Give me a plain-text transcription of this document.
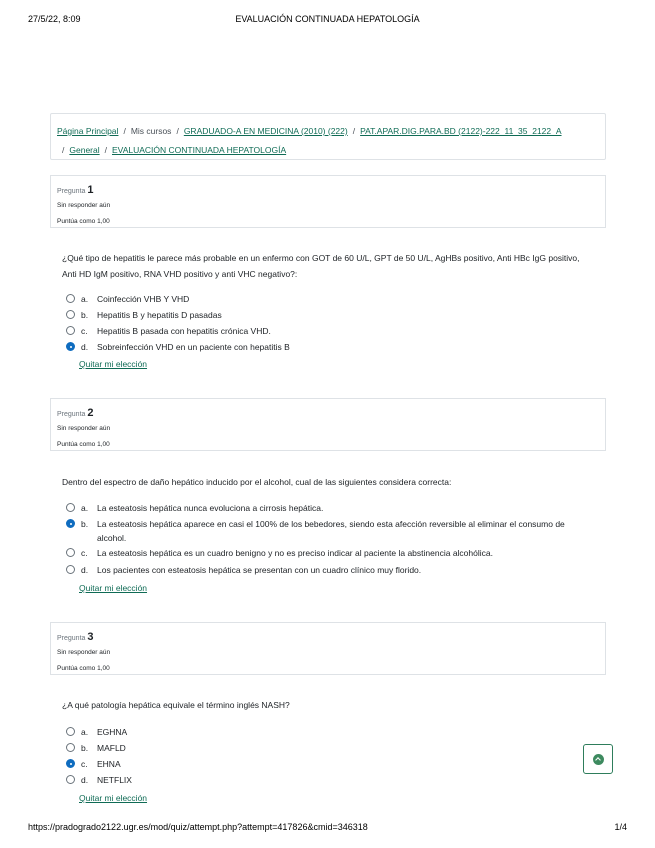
27/5/22, 8:09	EVALUACIÓN CONTINUADA HEPATOLOGÍA
Página Principal / Mis cursos / GRADUADO-A EN MEDICINA (2010) (222) / PAT.APAR.DIG.PARA.BD (2122)-222_11_35_2122_A
/ General / EVALUACIÓN CONTINUADA HEPATOLOGÍA
Pregunta 1
Sin responder aún
Puntúa como 1,00
¿Qué tipo de hepatitis le parece más probable en un enfermo con GOT de 60 U/L, GPT de 50 U/L, AgHBs positivo, Anti HBc IgG positivo, Anti HD IgM positivo, RNA VHD positivo y anti VHC negativo?:
a.	Coinfección VHB Y VHD
b.	Hepatitis B y hepatitis D pasadas
c.	Hepatitis B pasada con hepatitis crónica VHD.
d.	Sobreinfección VHD en un paciente con hepatitis B
Quitar mi elección
Pregunta 2
Sin responder aún
Puntúa como 1,00
Dentro del espectro de daño hepático inducido por el alcohol, cual de las siguientes considera correcta:
a.	La esteatosis hepática nunca evoluciona a cirrosis hepática.
b.	La esteatosis hepática aparece en casi el 100% de los bebedores, siendo esta afección reversible al eliminar el consumo de alcohol.
c.	La esteatosis hepática es un cuadro benigno y no es preciso indicar al paciente la abstinencia alcohólica.
d.	Los pacientes con esteatosis hepática se presentan con un cuadro clínico muy florido.
Quitar mi elección
Pregunta 3
Sin responder aún
Puntúa como 1,00
¿A qué patología hepática equivale el término inglés NASH?
a.	EGHNA
b.	MAFLD
c.	EHNA
d.	NETFLIX
Quitar mi elección
https://pradogrado2122.ugr.es/mod/quiz/attempt.php?attempt=417826&cmid=346318	1/4
